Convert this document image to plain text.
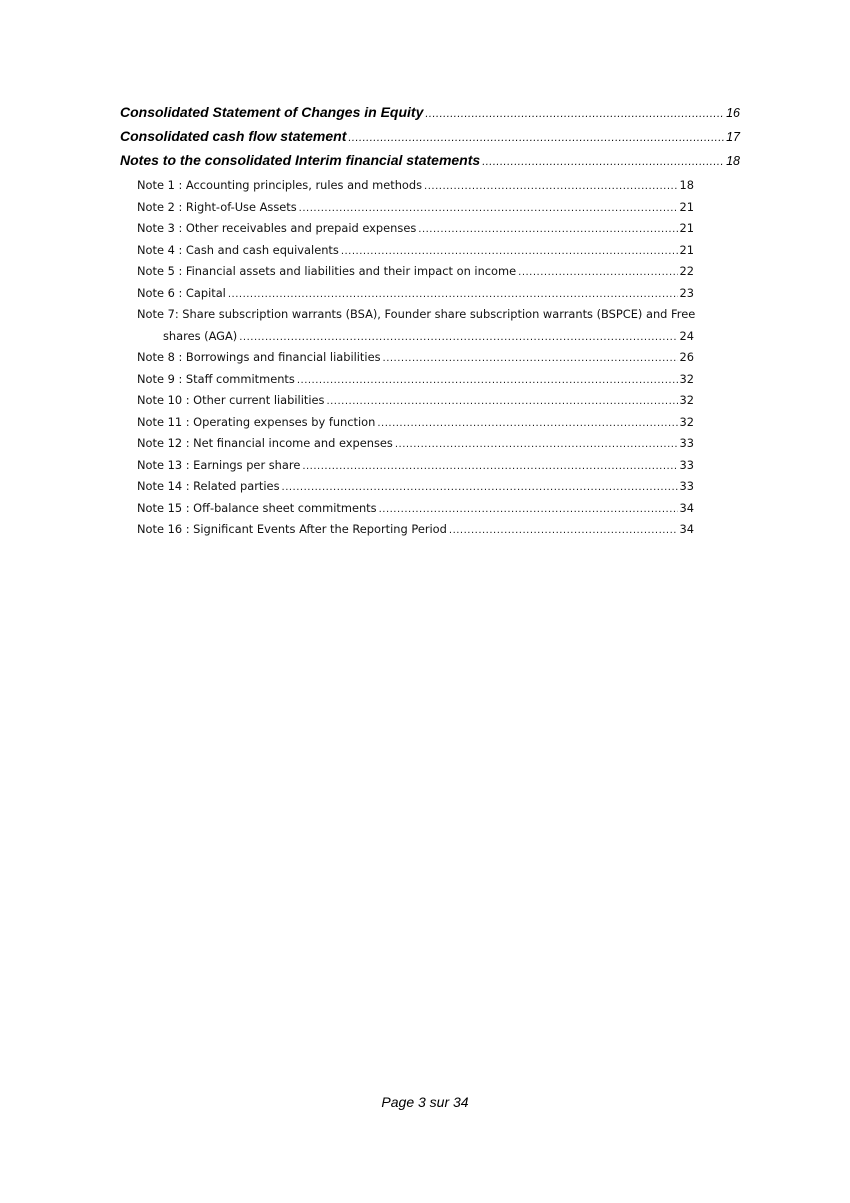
Consolidated Statement of Changes in Equity .....	16
Consolidated cash flow statement .....	17
Notes to the consolidated Interim financial statements .....	18
Note 1 : Accounting principles, rules and methods .....	18
Note 2 : Right-of-Use Assets .....	21
Note 3 : Other receivables and prepaid expenses .....	21
Note 4 : Cash and cash equivalents .....	21
Note 5 : Financial assets and liabilities and their impact on income .....	22
Note 6 : Capital .....	23
Note 7: Share subscription warrants (BSA), Founder share subscription warrants (BSPCE) and Free
shares (AGA) .....	24
Note 8 : Borrowings and financial liabilities .....	26
Note 9 : Staff commitments .....	32
Note 10 : Other current liabilities .....	32
Note 11 : Operating expenses by function .....	32
Note 12 : Net financial income and expenses .....	33
Note 13 : Earnings per share .....	33
Note 14 : Related parties .....	33
Note 15 : Off-balance sheet commitments .....	34
Note 16 : Significant Events After the Reporting Period .....	34
Page 3 sur 34
